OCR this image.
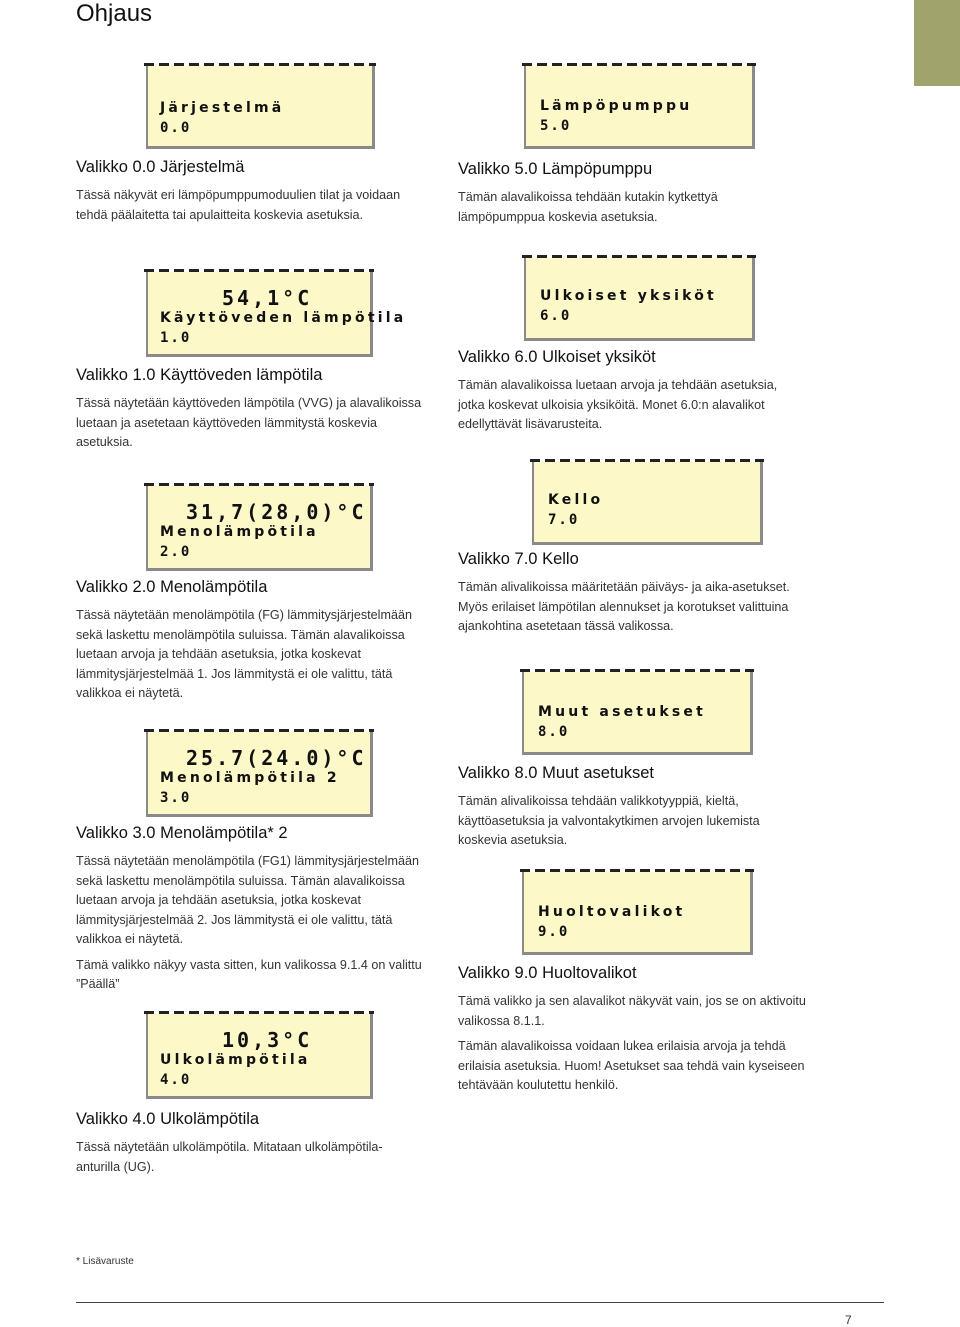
Ohjaus
Järjestelmä
0.0
Valikko 0.0 Järjestelmä

Tässä näkyvät eri lämpöpumppumoduulien tilat ja voidaan tehdä päälaitetta tai apulaitteita koskevia asetuksia.

54,1°C
Käyttöveden lämpötila
1.0
Valikko 1.0 Käyttöveden lämpötila

Tässä näytetään käyttöveden lämpötila (VVG) ja alavalikoissa luetaan ja asetetaan käyttöveden lämmitystä koskevia asetuksia.

31,7(28,0)°C
Menolämpötila
2.0
Valikko 2.0 Menolämpötila

Tässä näytetään menolämpötila (FG) lämmitysjärjestelmään sekä laskettu menolämpötila suluissa. Tämän alavalikoissa luetaan arvoja ja tehdään asetuksia, jotka koskevat lämmitysjärjestelmää 1. Jos lämmitystä ei ole valittu, tätä valikkoa ei näytetä.

25.7(24.0)°C
Menolämpötila 2
3.0
Valikko 3.0 Menolämpötila* 2

Tässä näytetään menolämpötila (FG1) lämmitysjärjestelmään sekä laskettu menolämpötila suluissa. Tämän alavalikoissa luetaan arvoja ja tehdään asetuksia, jotka koskevat lämmitysjärjestelmää 2. Jos lämmitystä ei ole valittu, tätä valikkoa ei näytetä.

Tämä valikko näkyy vasta sitten, kun valikossa 9.1.4 on valittu ”Päällä”

10,3°C
Ulkolämpötila
4.0
Valikko 4.0 Ulkolämpötila

Tässä näytetään ulkolämpötila. Mitataan ulkolämpötila-anturilla (UG).

Lämpöpumppu
5.0
Valikko 5.0 Lämpöpumppu

Tämän alavalikoissa tehdään kutakin kytkettyä lämpöpumppua koskevia asetuksia.

Ulkoiset yksiköt
6.0
Valikko 6.0 Ulkoiset yksiköt

Tämän alavalikoissa luetaan arvoja ja tehdään asetuksia, jotka koskevat ulkoisia yksiköitä. Monet 6.0:n alavalikot edellyttävät lisävarusteita.

Kello
7.0
Valikko 7.0 Kello

Tämän alivalikoissa määritetään päiväys- ja aika-asetukset. Myös erilaiset lämpötilan alennukset ja korotukset valittuina ajankohtina asetetaan tässä valikossa.

Muut asetukset
8.0
Valikko 8.0 Muut asetukset

Tämän alivalikoissa tehdään valikkotyyppiä, kieltä, käyttöasetuksia ja valvontakytkimen arvojen lukemista koskevia asetuksia.

Huoltovalikot
9.0
Valikko 9.0 Huoltovalikot

Tämä valikko ja sen alavalikot näkyvät vain, jos se on aktivoitu valikossa 8.1.1.

Tämän alavalikoissa voidaan lukea erilaisia arvoja ja tehdä erilaisia asetuksia. Huom! Asetukset saa tehdä vain kyseiseen tehtävään koulutettu henkilö.

* Lisävaruste
7
